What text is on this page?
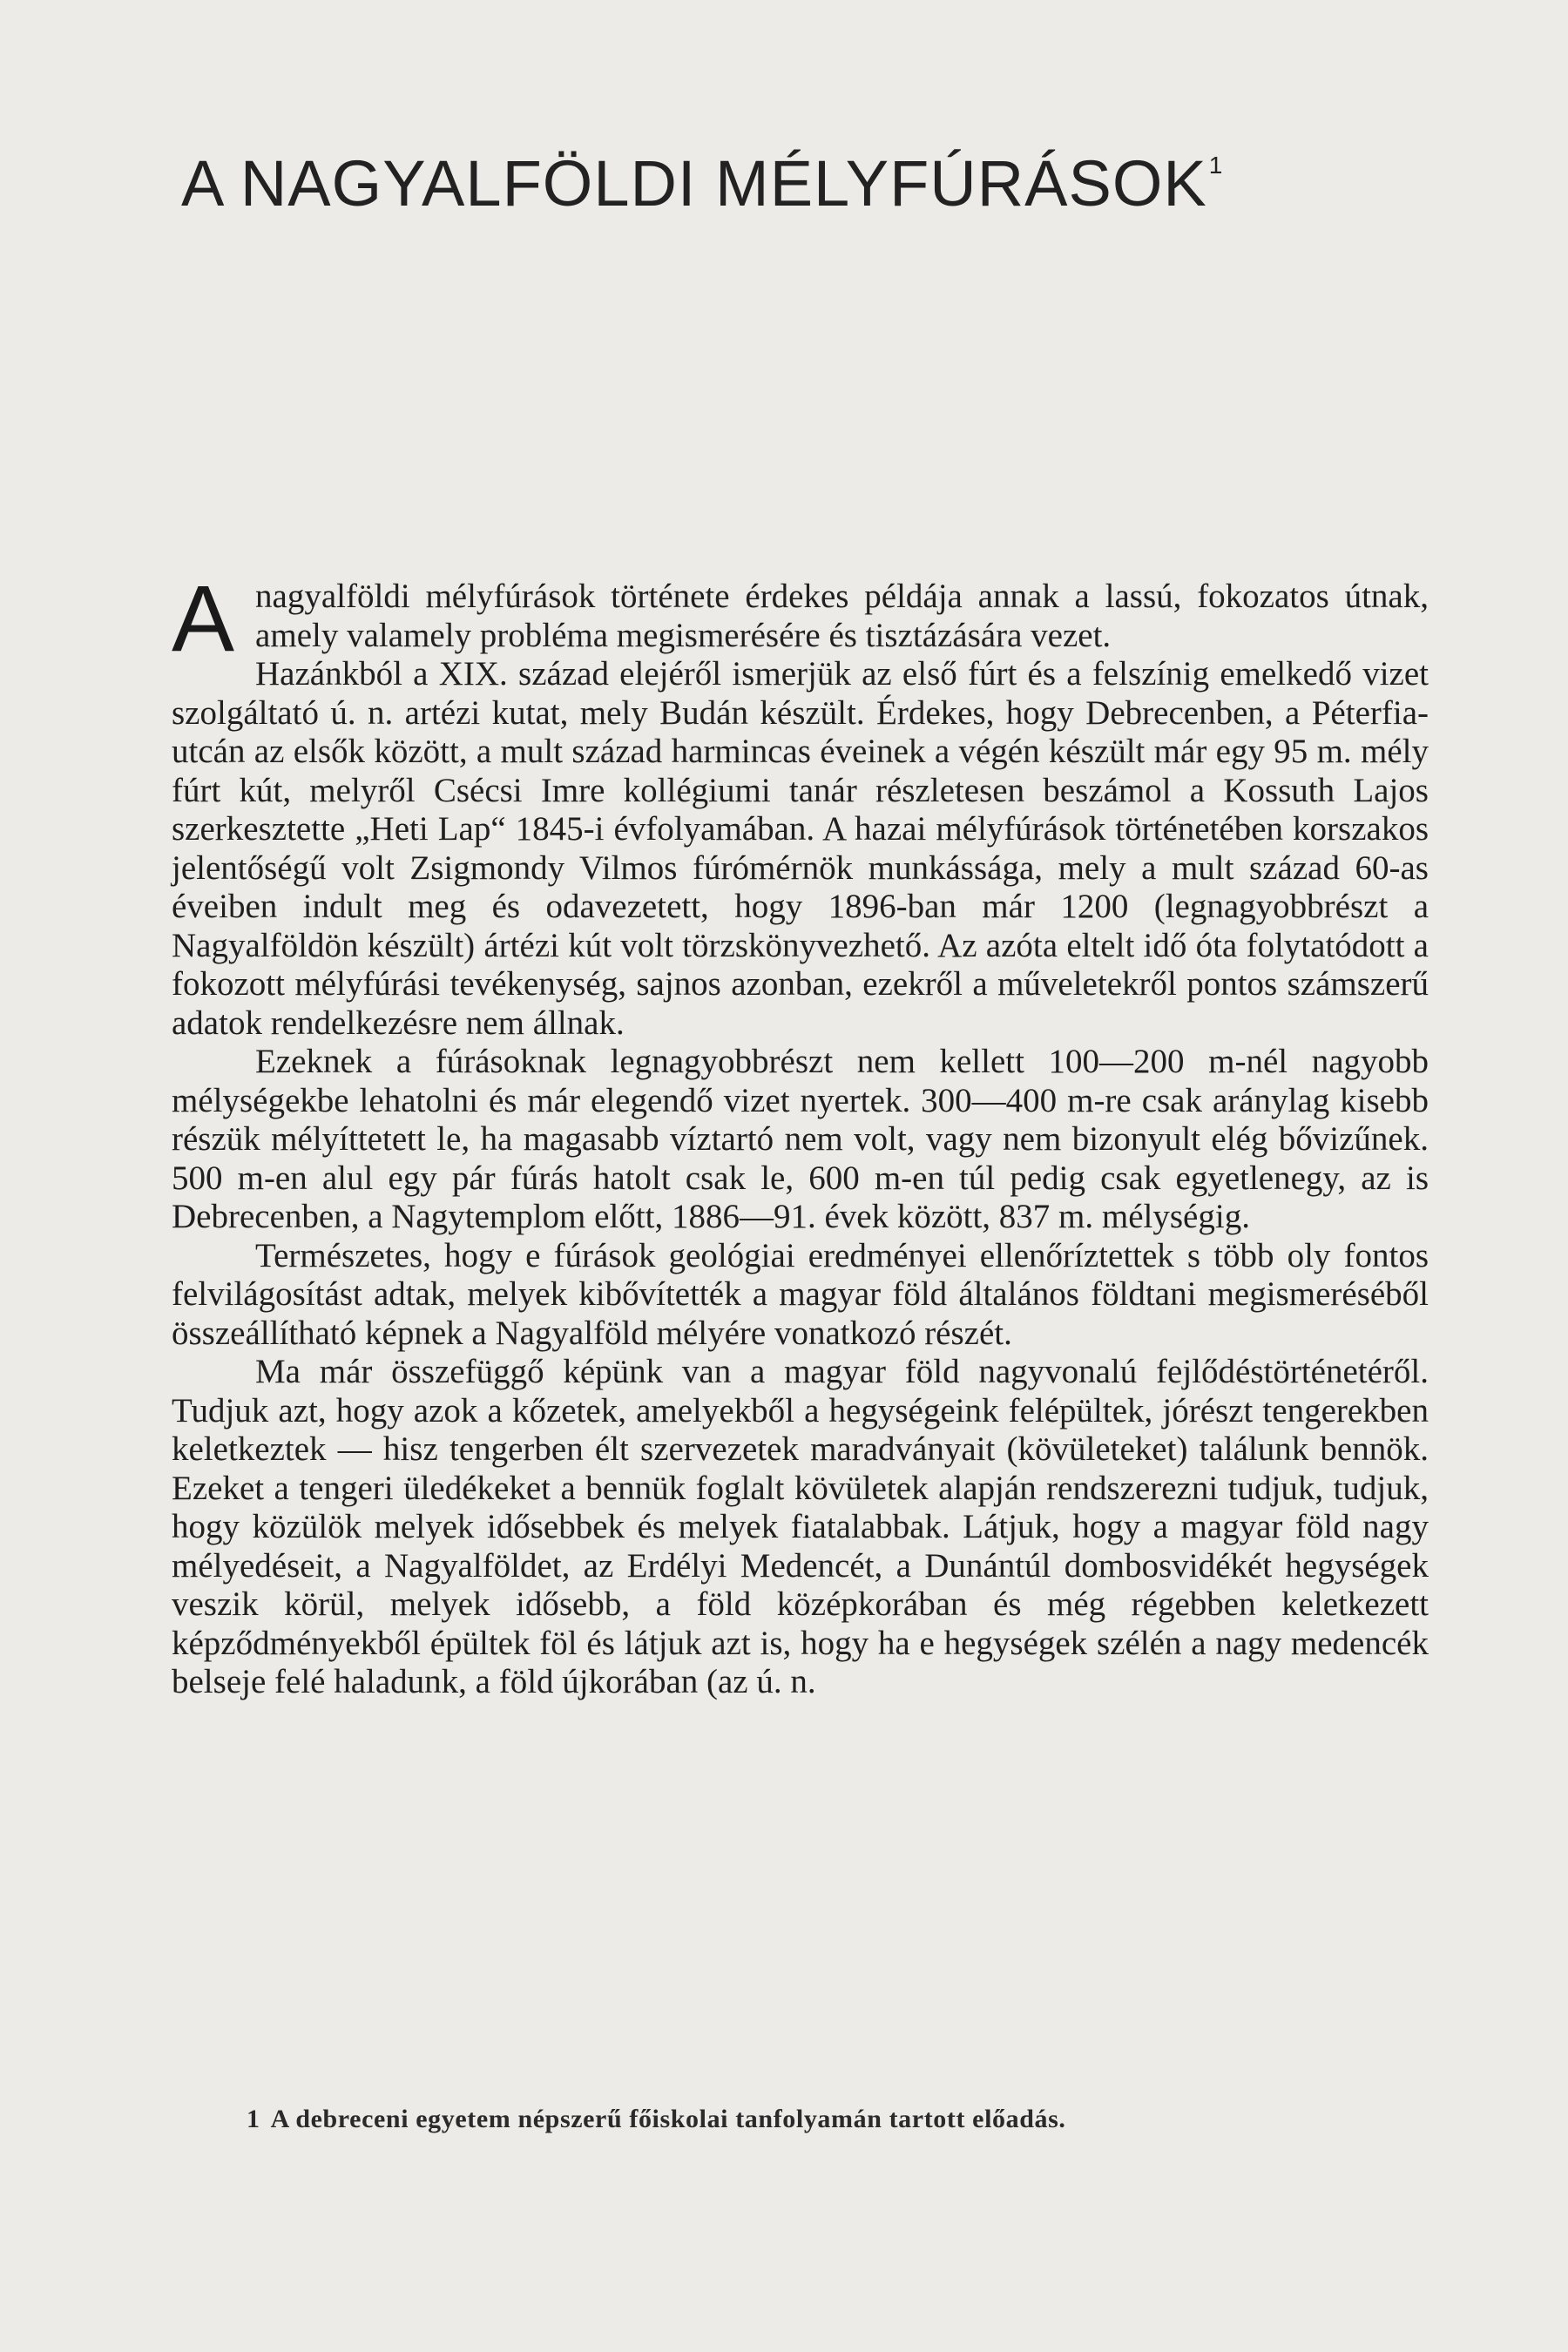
A NAGYALFÖLDI MÉLYFÚRÁSOK$^1$

Anagyalföldi mélyfúrások története érdekes példája annak a lassú, fokozatos útnak, amely valamely probléma megismerésére és tisztázására vezet.

Hazánkból a XIX. század elejéről ismerjük az első fúrt és a felszínig emelkedő vizet szolgáltató ú. n. artézi kutat, mely Budán készült. Érdekes, hogy Debrecenben, a Péterfia-utcán az elsők között, a mult század harmincas éveinek a végén készült már egy 95 m. mély fúrt kút, melyről Csécsi Imre kollégiumi tanár részletesen beszámol a Kossuth Lajos szerkesztette „Heti Lap“ 1845-i évfolyamában. A hazai mélyfúrások történetében korszakos jelentőségű volt Zsigmondy Vilmos fúrómérnök munkássága, mely a mult század 60-as éveiben indult meg és odavezetett, hogy 1896-ban már 1200 (legnagyobbrészt a Nagyalföldön készült) ártézi kút volt törzskönyvezhető. Az azóta eltelt idő óta folytatódott a fokozott mélyfúrási tevékenység, sajnos azonban, ezekről a műveletekről pontos számszerű adatok rendelkezésre nem állnak.

Ezeknek a fúrásoknak legnagyobbrészt nem kellett 100—200 m-nél nagyobb mélységekbe lehatolni és már elegendő vizet nyertek. 300—400 m-re csak aránylag kisebb részük mélyíttetett le, ha magasabb víztartó nem volt, vagy nem bizonyult elég bővizűnek. 500 m-en alul egy pár fúrás hatolt csak le, 600 m-en túl pedig csak egyetlenegy, az is Debrecenben, a Nagytemplom előtt, 1886—91. évek között, 837 m. mélységig.

Természetes, hogy e fúrások geológiai eredményei ellenőríztettek s több oly fontos felvilágosítást adtak, melyek kibővítették a magyar föld általános földtani megismeréséből összeállítható képnek a Nagyalföld mélyére vonatkozó részét.

Ma már összefüggő képünk van a magyar föld nagyvonalú fejlődéstörténetéről. Tudjuk azt, hogy azok a kőzetek, amelyekből a hegységeink felépültek, jórészt tengerekben keletkeztek — hisz tengerben élt szervezetek maradványait (kövületeket) találunk bennök. Ezeket a tengeri üledékeket a bennük foglalt kövületek alapján rendszerezni tudjuk, tudjuk, hogy közülök melyek idősebbek és melyek fiatalabbak. Látjuk, hogy a magyar föld nagy mélyedéseit, a Nagyalföldet, az Erdélyi Medencét, a Dunántúl dombosvidékét hegységek veszik körül, melyek idősebb, a föld középkorában és még régebben keletkezett képződményekből épültek föl és látjuk azt is, hogy ha e hegységek szélén a nagy medencék belseje felé haladunk, a föld újkorában (az ú. n.

1 A debreceni egyetem népszerű főiskolai tanfolyamán tartott előadás.
